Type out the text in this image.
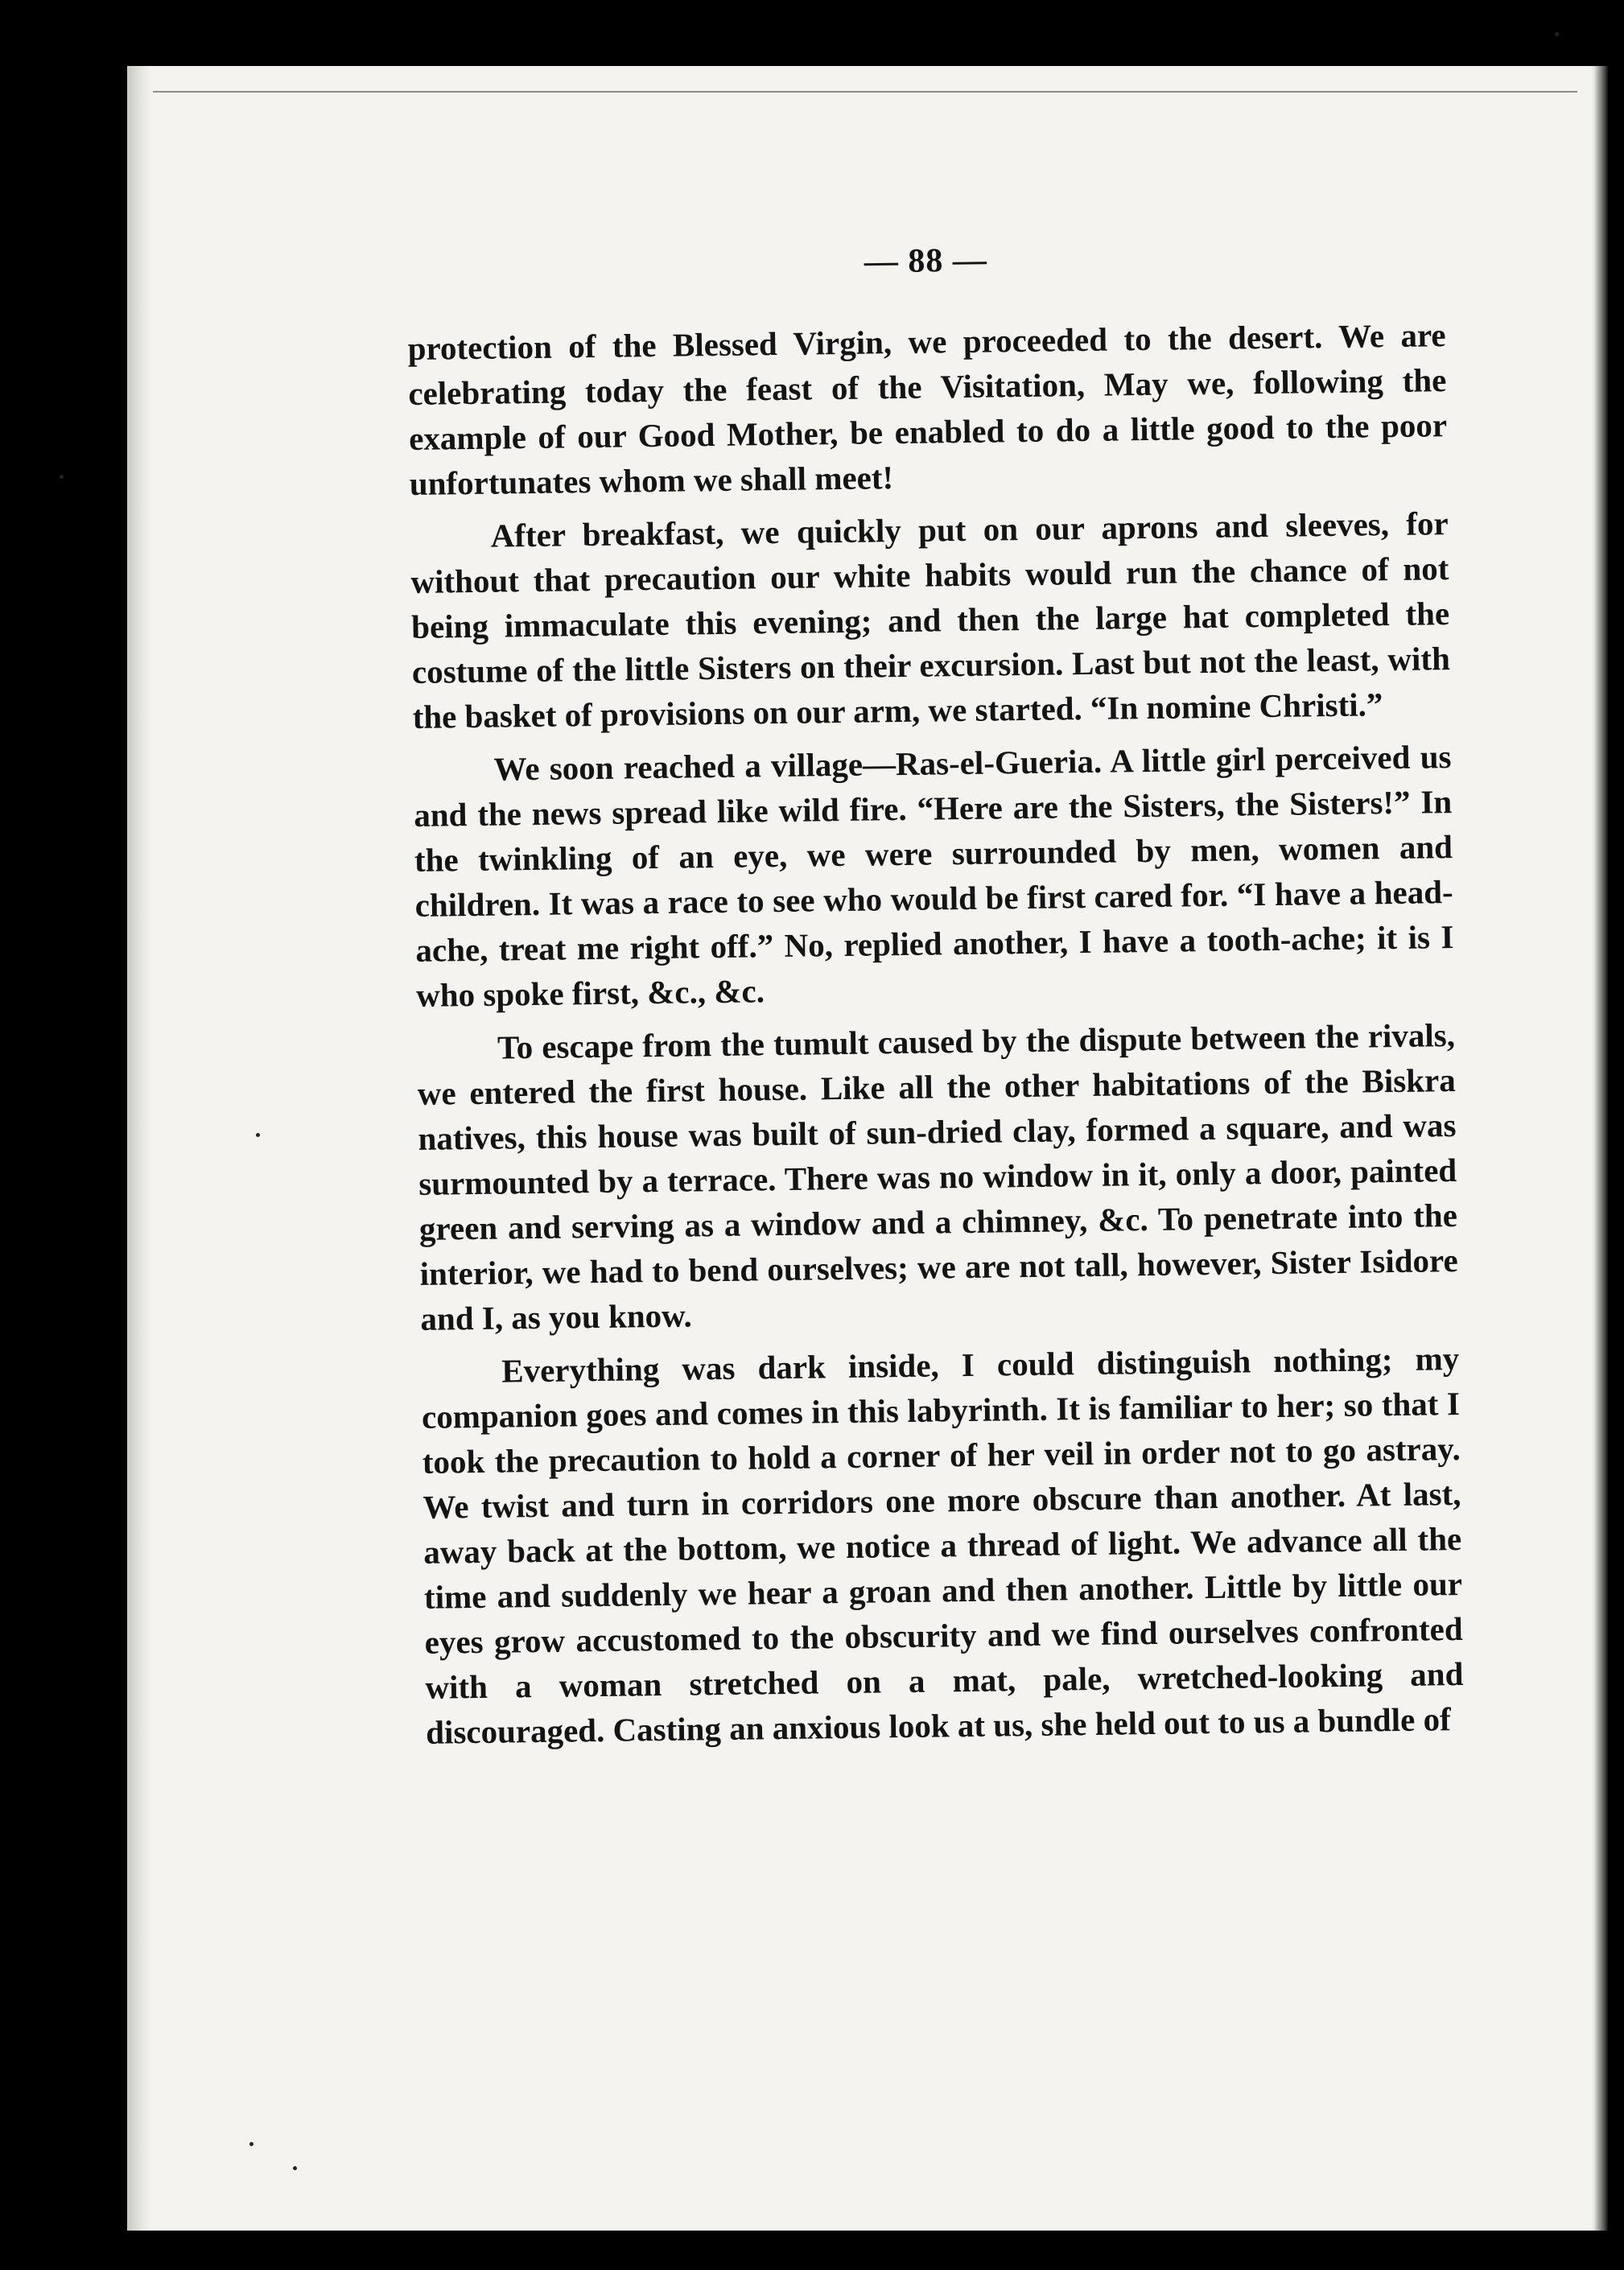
— 88 —

protection of the Blessed Virgin, we proceeded to the desert. We are celebrating today the feast of the Visitation, May we, following the example of our Good Mother, be enabled to do a little good to the poor unfortunates whom we shall meet!

After breakfast, we quickly put on our aprons and sleeves, for without that precaution our white habits would run the chance of not being immaculate this evening; and then the large hat completed the costume of the little Sisters on their excursion. Last but not the least, with the basket of provisions on our arm, we started. “In nomine Christi.”

We soon reached a village—Ras-el-Gueria. A little girl perceived us and the news spread like wild fire. “Here are the Sisters, the Sisters!” In the twinkling of an eye, we were surrounded by men, women and children. It was a race to see who would be first cared for. “I have a head-ache, treat me right off.” No, replied another, I have a tooth-ache; it is I who spoke first, &c., &c.

To escape from the tumult caused by the dispute between the rivals, we entered the first house. Like all the other habitations of the Biskra natives, this house was built of sun-dried clay, formed a square, and was surmounted by a terrace. There was no window in it, only a door, painted green and serving as a window and a chimney, &c. To penetrate into the interior, we had to bend ourselves; we are not tall, however, Sister Isidore and I, as you know.

Everything was dark inside, I could distinguish nothing; my companion goes and comes in this labyrinth. It is familiar to her; so that I took the precaution to hold a corner of her veil in order not to go astray. We twist and turn in corridors one more obscure than another. At last, away back at the bottom, we notice a thread of light. We advance all the time and suddenly we hear a groan and then another. Little by little our eyes grow accustomed to the obscurity and we find ourselves confronted with a woman stretched on a mat, pale, wretched-looking and discouraged. Casting an anxious look at us, she held out to us a bundle of
